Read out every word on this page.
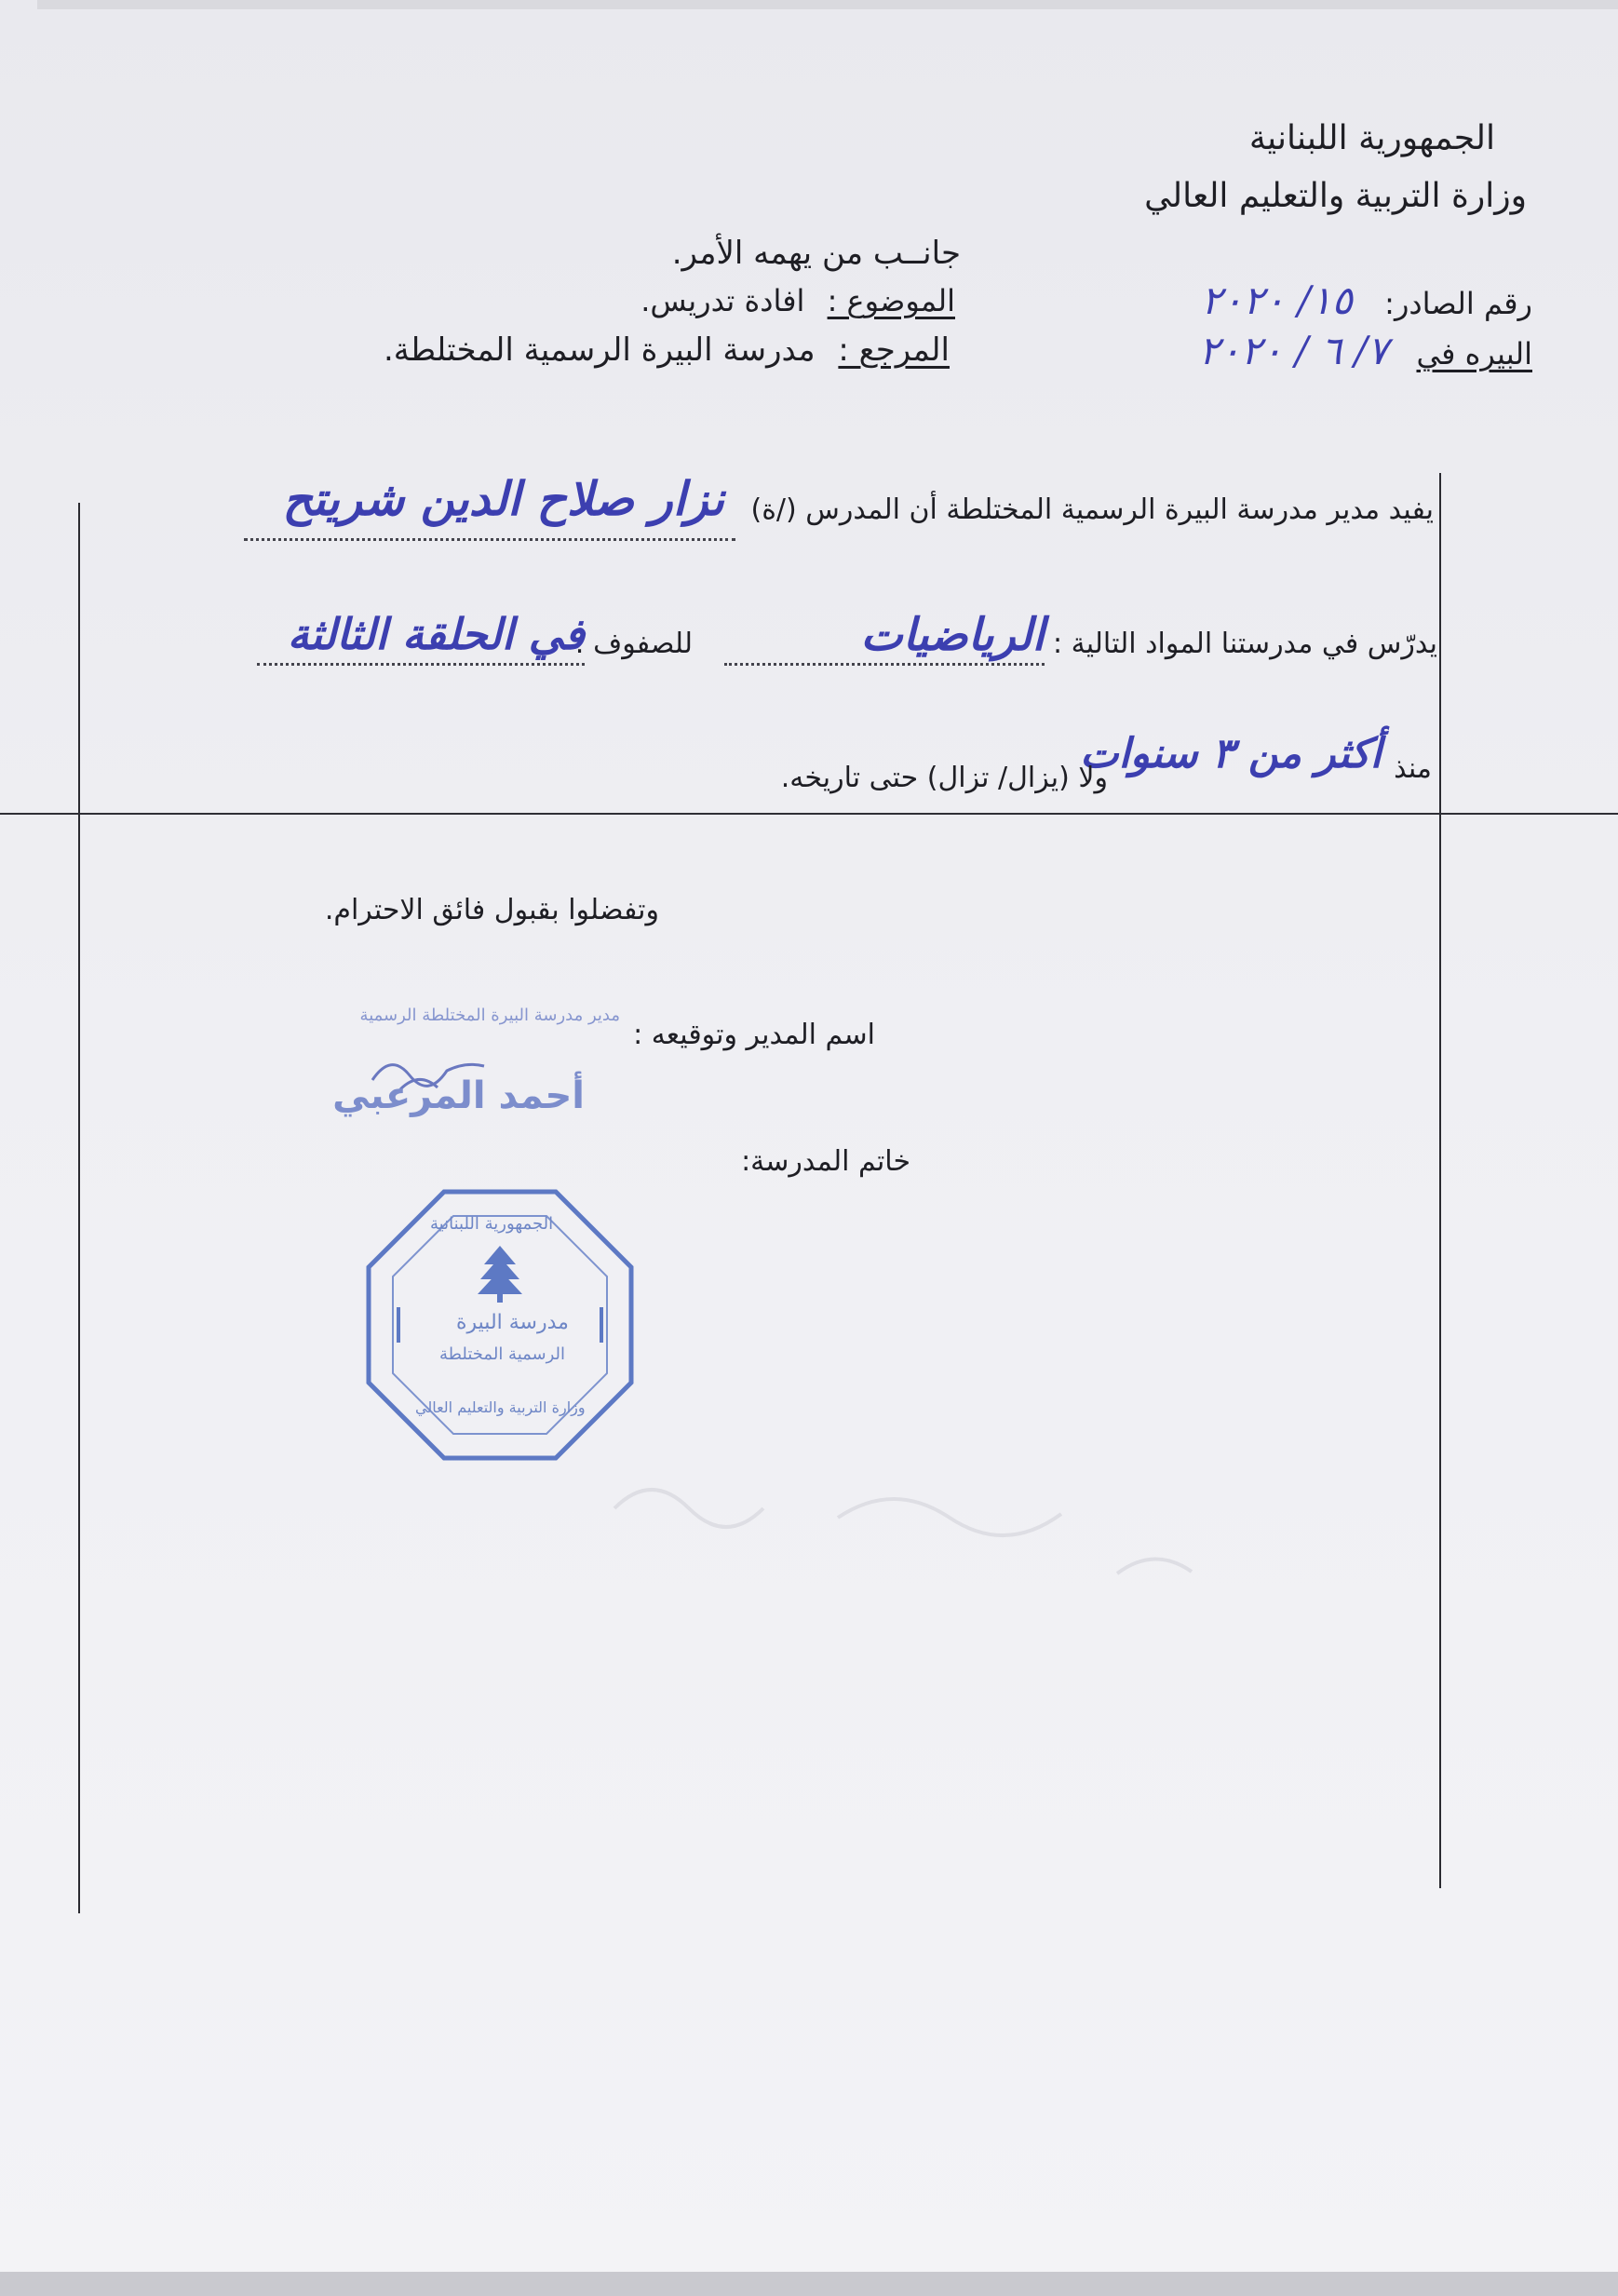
الجمهورية اللبنانية
وزارة التربية والتعليم العالي
جانــب من يهمه الأمر.
الموضوع : افادة تدريس.
المرجع : مدرسة البيرة الرسمية المختلطة.
رقم الصادر: ١٥/ ٢٠٢٠
البيره في ٧/ ٦ / ٢٠٢٠
يفيد مدير مدرسة البيرة الرسمية المختلطة أن المدرس (/ة)
نزار صلاح الدين شريتح
يدرّس في مدرستنا المواد التالية :
الرياضيات
للصفوف :
في الحلقة الثالثة
منذ
أكثر من ٣ سنوات
ولا (يزال/ تزال) حتى تاريخه.
وتفضلوا بقبول فائق الاحترام.
اسم المدير وتوقيعه :
مدير مدرسة البيرة المختلطة الرسمية
أحمد المرعبي
خاتم المدرسة:
الجمهورية اللبنانية
مدرسة البيرة
الرسمية المختلطة
وزارة التربية والتعليم العالي
